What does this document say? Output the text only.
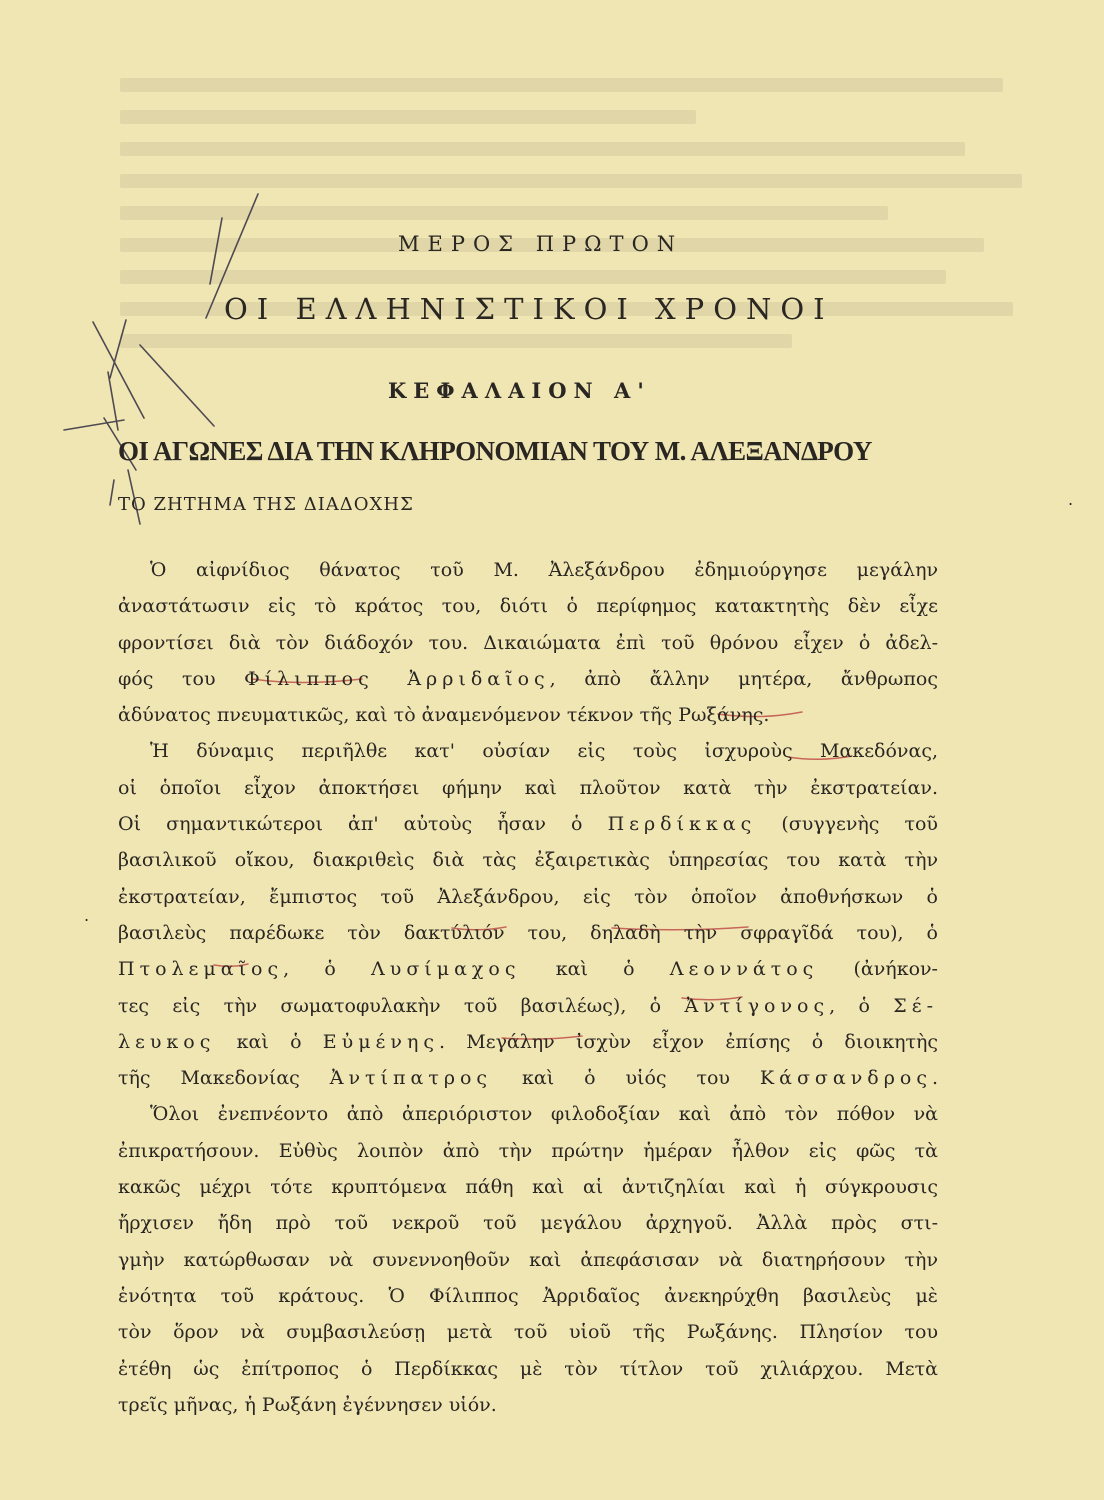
.
.
ΜΕΡΟΣ ΠΡΩΤΟΝ
ΟΙ ΕΛΛΗΝΙΣΤΙΚΟΙ ΧΡΟΝΟΙ
ΚΕΦΑΛΑΙΟΝ Α'
ΟΙ ΑΓΩΝΕΣ ΔΙΑ ΤΗΝ ΚΛΗΡΟΝΟΜΙΑΝ ΤΟΥ Μ. ΑΛΕΞΑΝΔΡΟΥ
ΤΟ ΖΗΤΗΜΑ ΤΗΣ ΔΙΑΔΟΧΗΣ
Ὁ αἰφνίδιος θάνατος τοῦ Μ. Ἀλεξάνδρου ἐδημιούργησε μεγάλην
ἀναστάτωσιν εἰς τὸ κράτος του, διότι ὁ περίφημος κατακτητὴς δὲν εἶχε
φροντίσει διὰ τὸν διάδοχόν του. Δικαιώματα ἐπὶ τοῦ θρόνου εἶχεν ὁ ἀδελ-
φός του Φίλιππος Ἀρριδαῖος, ἀπὸ ἄλλην μητέρα, ἄνθρωπος
ἀδύνατος πνευματικῶς, καὶ τὸ ἀναμενόμενον τέκνον τῆς Ρωξάνης.
Ἡ δύναμις περιῆλθε κατ' οὐσίαν εἰς τοὺς ἰσχυροὺς Μακεδόνας,
οἱ ὁποῖοι εἶχον ἀποκτήσει φήμην καὶ πλοῦτον κατὰ τὴν ἐκστρατείαν.
Οἱ σημαντικώτεροι ἀπ' αὐτοὺς ἦσαν ὁ Περδίκκας (συγγενὴς τοῦ
βασιλικοῦ οἴκου, διακριθεὶς διὰ τὰς ἐξαιρετικὰς ὑπηρεσίας του κατὰ τὴν
ἐκστρατείαν, ἔμπιστος τοῦ Ἀλεξάνδρου, εἰς τὸν ὁποῖον ἀποθνήσκων ὁ
βασιλεὺς παρέδωκε τὸν δακτύλιόν του, δηλαδὴ τὴν σφραγῖδά του), ὁ
Πτολεμαῖος, ὁ Λυσίμαχος καὶ ὁ Λεοννάτος (ἀνήκον-
τες εἰς τὴν σωματοφυλακὴν τοῦ βασιλέως), ὁ Ἀντίγονος, ὁ Σέ-
λευκος καὶ ὁ Εὐμένης. Μεγάλην ἰσχὺν εἶχον ἐπίσης ὁ διοικητὴς
τῆς Μακεδονίας Ἀντίπατρος καὶ ὁ υἱός του Κάσσανδρος.
Ὅλοι ἐνεπνέοντο ἀπὸ ἀπεριόριστον φιλοδοξίαν καὶ ἀπὸ τὸν πόθον νὰ
ἐπικρατήσουν. Εὐθὺς λοιπὸν ἀπὸ τὴν πρώτην ἡμέραν ἦλθον εἰς φῶς τὰ
κακῶς μέχρι τότε κρυπτόμενα πάθη καὶ αἱ ἀντιζηλίαι καὶ ἡ σύγκρουσις
ἤρχισεν ἤδη πρὸ τοῦ νεκροῦ τοῦ μεγάλου ἀρχηγοῦ. Ἀλλὰ πρὸς στι-
γμὴν κατώρθωσαν νὰ συνεννοηθοῦν καὶ ἀπεφάσισαν νὰ διατηρήσουν τὴν
ἑνότητα τοῦ κράτους. Ὁ Φίλιππος Ἀρριδαῖος ἀνεκηρύχθη βασιλεὺς μὲ
τὸν ὅρον νὰ συμβασιλεύσῃ μετὰ τοῦ υἱοῦ τῆς Ρωξάνης. Πλησίον του
ἐτέθη ὡς ἐπίτροπος ὁ Περδίκκας μὲ τὸν τίτλον τοῦ χιλιάρχου. Μετὰ
τρεῖς μῆνας, ἡ Ρωξάνη ἐγέννησεν υἱόν.
